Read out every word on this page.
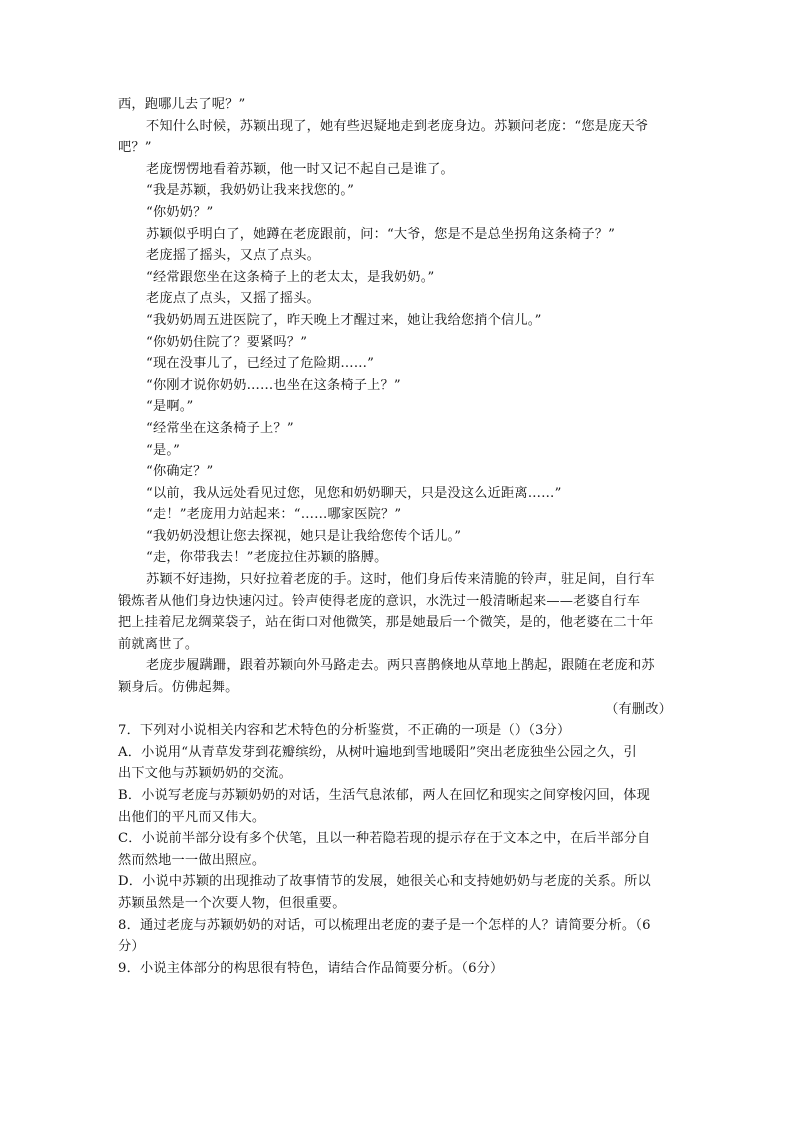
西，跑哪儿去了呢？”
不知什么时候，苏颖出现了，她有些迟疑地走到老庞身边。苏颖问老庞：“您是庞天爷
吧？”
老庞愣愣地看着苏颖，他一时又记不起自己是谁了。
“我是苏颖，我奶奶让我来找您的。”
“你奶奶？”
苏颖似乎明白了，她蹲在老庞跟前，问：“大爷，您是不是总坐拐角这条椅子？”
老庞摇了摇头，又点了点头。
“经常跟您坐在这条椅子上的老太太，是我奶奶。”
老庞点了点头，又摇了摇头。
“我奶奶周五进医院了，昨天晚上才醒过来，她让我给您捎个信儿。”
“你奶奶住院了？要紧吗？”
“现在没事儿了，已经过了危险期……”
“你刚才说你奶奶……也坐在这条椅子上？”
“是啊。”
“经常坐在这条椅子上？”
“是。”
“你确定？”
“以前，我从远处看见过您，见您和奶奶聊天，只是没这么近距离……”
“走！”老庞用力站起来：“……哪家医院？”
“我奶奶没想让您去探视，她只是让我给您传个话儿。”
“走，你带我去！”老庞拉住苏颖的胳膊。
苏颖不好违拗，只好拉着老庞的手。这时，他们身后传来清脆的铃声，驻足间，自行车
锻炼者从他们身边快速闪过。铃声使得老庞的意识，水洗过一般清晰起来——老婆自行车
把上挂着尼龙绸菜袋子，站在街口对他微笑，那是她最后一个微笑，是的，他老婆在二十年
前就离世了。
老庞步履蹒跚，跟着苏颖向外马路走去。两只喜鹊倏地从草地上鹊起，跟随在老庞和苏
颖身后。仿佛起舞。
（有删改）
7．下列对小说相关内容和艺术特色的分析鉴赏，不正确的一项是（）（3分）
A．小说用“从青草发芽到花瓣缤纷，从树叶遍地到雪地暖阳”突出老庞独坐公园之久，引
出下文他与苏颖奶奶的交流。
B．小说写老庞与苏颖奶奶的对话，生活气息浓郁，两人在回忆和现实之间穿梭闪回，体现
出他们的平凡而又伟大。
C．小说前半部分设有多个伏笔，且以一种若隐若现的提示存在于文本之中，在后半部分自
然而然地一一做出照应。
D．小说中苏颖的出现推动了故事情节的发展，她很关心和支持她奶奶与老庞的关系。所以
苏颖虽然是一个次要人物，但很重要。
8．通过老庞与苏颖奶奶的对话，可以梳理出老庞的妻子是一个怎样的人？请简要分析。（6
分）
9．小说主体部分的构思很有特色，请结合作品简要分析。（6分）
